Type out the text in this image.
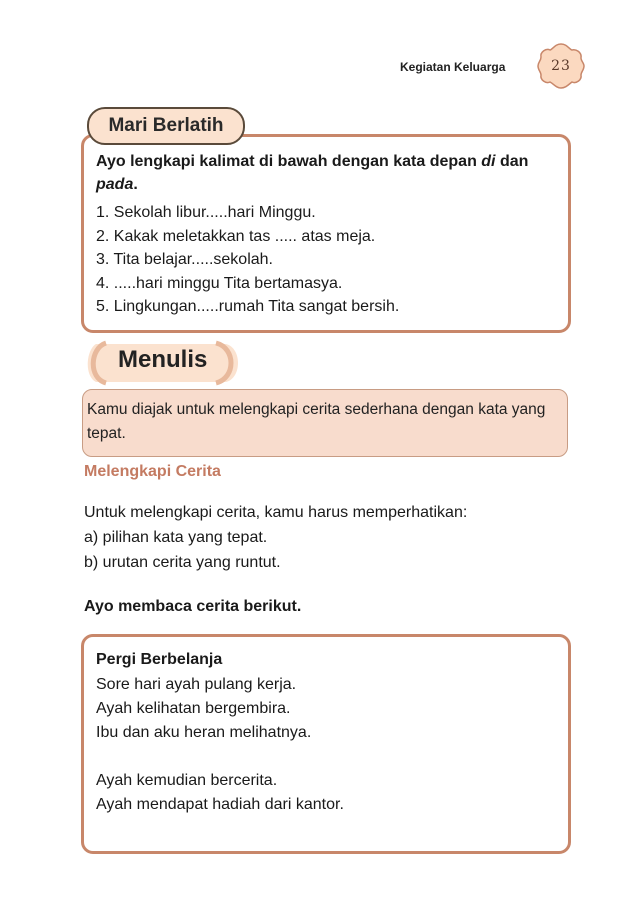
Kegiatan Keluarga	23
Mari Berlatih
Ayo lengkapi kalimat di bawah dengan kata depan di dan pada.
1. Sekolah libur.....hari Minggu.
2. Kakak meletakkan tas ..... atas meja.
3. Tita belajar.....sekolah.
4. .....hari minggu Tita bertamasya.
5. Lingkungan.....rumah Tita sangat bersih.
Menulis
Kamu diajak untuk melengkapi cerita sederhana dengan kata yang tepat.
Melengkapi Cerita
Untuk melengkapi cerita, kamu harus memperhatikan:
a) pilihan kata yang tepat.
b) urutan cerita yang runtut.
Ayo membaca cerita berikut.
Pergi Berbelanja
Sore hari ayah pulang kerja.
Ayah kelihatan bergembira.
Ibu dan aku heran melihatnya.
Ayah kemudian bercerita.
Ayah mendapat hadiah dari kantor.
